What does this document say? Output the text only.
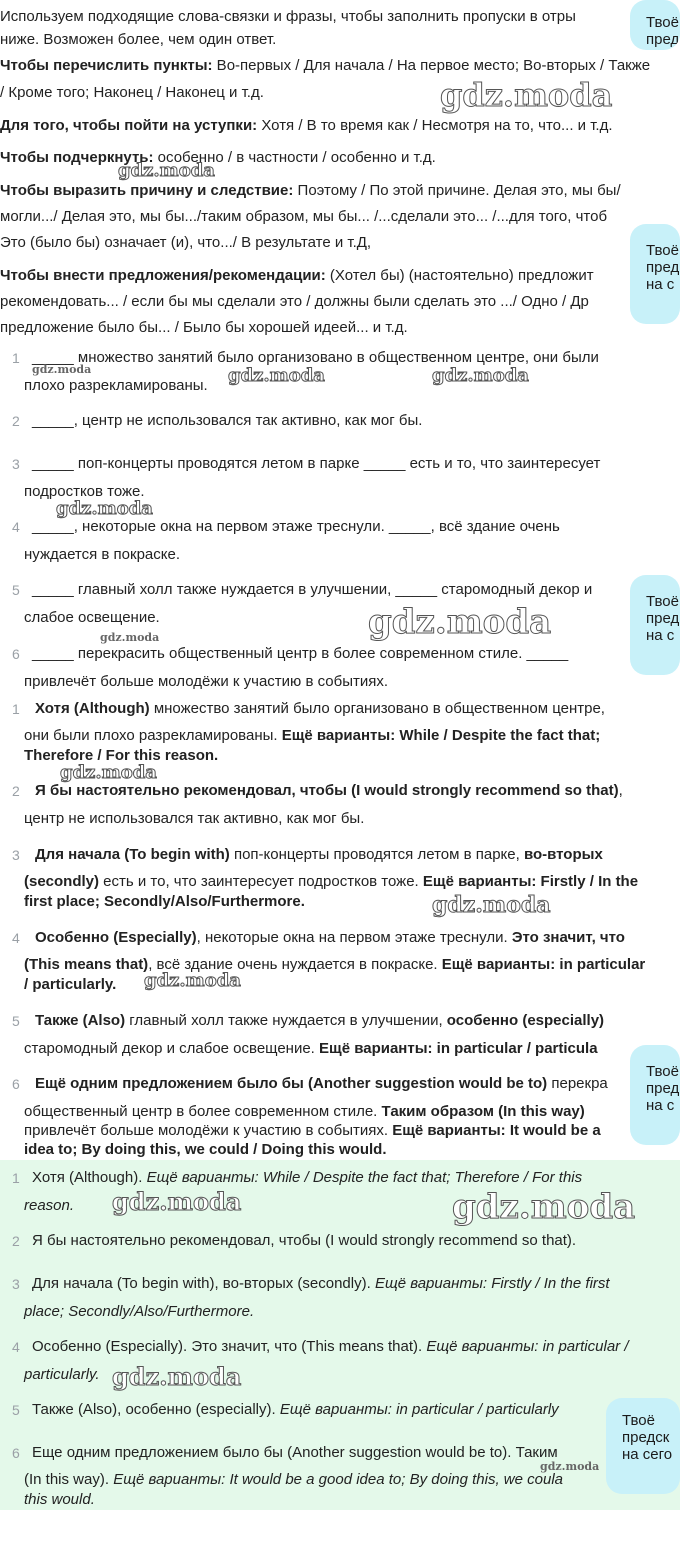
Используем подходящие слова-связки и фразы, чтобы заполнить пропуски в отры
ниже. Возможен более, чем один ответ.
Чтобы перечислить пункты: Во-первых / Для начала / На первое место; Во-вторых / Также
/ Кроме того; Наконец / Наконец и т.д.
Для того, чтобы пойти на уступки: Хотя / В то время как / Несмотря на то, что... и т.д.
Чтобы подчеркнуть: особенно / в частности / особенно и т.д.
Чтобы выразить причину и следствие: Поэтому / По этой причине. Делая это, мы бы/
могли.../ Делая это, мы бы.../таким образом, мы бы... /...сделали это... /...для того, чтоб
Это (было бы) означает (и), что.../ В результате и т.Д,
Чтобы внести предложения/рекомендации: (Хотел бы) (настоятельно) предложит
рекомендовать... / если бы мы сделали это / должны были сделать это .../ Одно / Др
предложение было бы... / Было бы хорошей идеей... и т.д.
1 _____ множество занятий было организовано в общественном центре, они были
плохо разрекламированы.
2 _____, центр не использовался так активно, как мог бы.
3 _____ поп-концерты проводятся летом в парке _____ есть и то, что заинтересует
подростков тоже.
4 _____, некоторые окна на первом этаже треснули. _____, всё здание очень
нуждается в покраске.
5 _____ главный холл также нуждается в улучшении, _____ старомодный декор и
слабое освещение.
6 _____ перекрасить общественный центр в более современном стиле. _____
привлечёт больше молодёжи к участию в событиях.
1 Хотя (Although) множество занятий было организовано в общественном центре,
они были плохо разрекламированы. Ещё варианты: While / Despite the fact that;
Therefore / For this reason.
2 Я бы настоятельно рекомендовал, чтобы (I would strongly recommend so that),
центр не использовался так активно, как мог бы.
3 Для начала (To begin with) поп-концерты проводятся летом в парке, во-вторых
(secondly) есть и то, что заинтересует подростков тоже. Ещё варианты: Firstly / In the
first place; Secondly/Also/Furthermore.
4 Особенно (Especially), некоторые окна на первом этаже треснули. Это значит, что
(This means that), всё здание очень нуждается в покраске. Ещё варианты: in particular
/ particularly.
5 Также (Also) главный холл также нуждается в улучшении, особенно (especially)
старомодный декор и слабое освещение. Ещё варианты: in particular / particula
6 Ещё одним предложением было бы (Another suggestion would be to) перекра
общественный центр в более современном стиле. Таким образом (In this way)
привлечёт больше молодёжи к участию в событиях. Ещё варианты: It would be a
idea to; By doing this, we could / Doing this would.
1 Хотя (Although). Ещё варианты: While / Despite the fact that; Therefore / For this
reason.
2 Я бы настоятельно рекомендовал, чтобы (I would strongly recommend so that).
3 Для начала (To begin with), во-вторых (secondly). Ещё варианты: Firstly / In the first
place; Secondly/Also/Furthermore.
4 Особенно (Especially). Это значит, что (This means that). Ещё варианты: in particular /
particularly.
5 Также (Also), особенно (especially). Ещё варианты: in particular / particularly
6 Еще одним предложением было бы (Another suggestion would be to). Таким
(In this way). Ещё варианты: It would be a good idea to; By doing this, we coula
this would.
gdz.moda
gdz.moda
gdz.moda	gdz.moda	gdz.moda
gdz.moda
gdz.moda
gdz.moda
gdz.moda
gdz.moda
gdz.moda
gdz.moda	gdz.moda
gdz.moda
gdz.moda
Твоё
пред
Твоё
пред
на с
Твоё
пред
на с
Твоё
пред
на с
Твоё
предск
на сего
